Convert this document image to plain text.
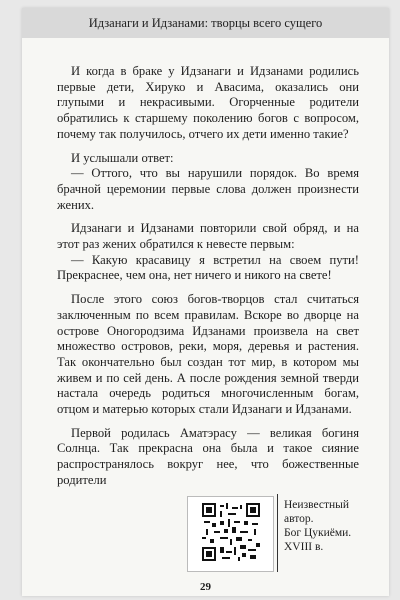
Идзанаги и Идзанами: творцы всего сущего

И когда в браке у Идзанаги и Идзанами родились первые дети, Хируко и Авасима, оказались они глупыми и некрасивыми. Огорченные родители обратились к старшему поколению богов с вопросом, почему так получилось, отчего их дети именно такие?

И услышали ответ:

— Оттого, что вы нарушили порядок. Во время брачной церемонии первые слова должен произнести жених.

Идзанаги и Идзанами повторили свой обряд, и на этот раз жених обратился к невесте первым:

— Какую красавицу я встретил на своем пути! Прекраснее, чем она, нет ничего и никого на свете!

После этого союз богов-творцов стал считаться заключенным по всем правилам. Вскоре во дворце на острове Оногородзима Идзанами произвела на свет множество островов, реки, моря, деревья и растения. Так окончательно был создан тот мир, в котором мы живем и по сей день. А после рождения земной тверди настала очередь родиться многочисленным богам, отцом и матерью которых стали Идзанаги и Идзанами.

Первой родилась Аматэрасу — великая богиня Солнца. Так прекрасна она была и такое сияние распространялось вокруг нее, что божественные родители

Неизвестный
автор.
Бог Цукиёми.
XVIII в.
29
